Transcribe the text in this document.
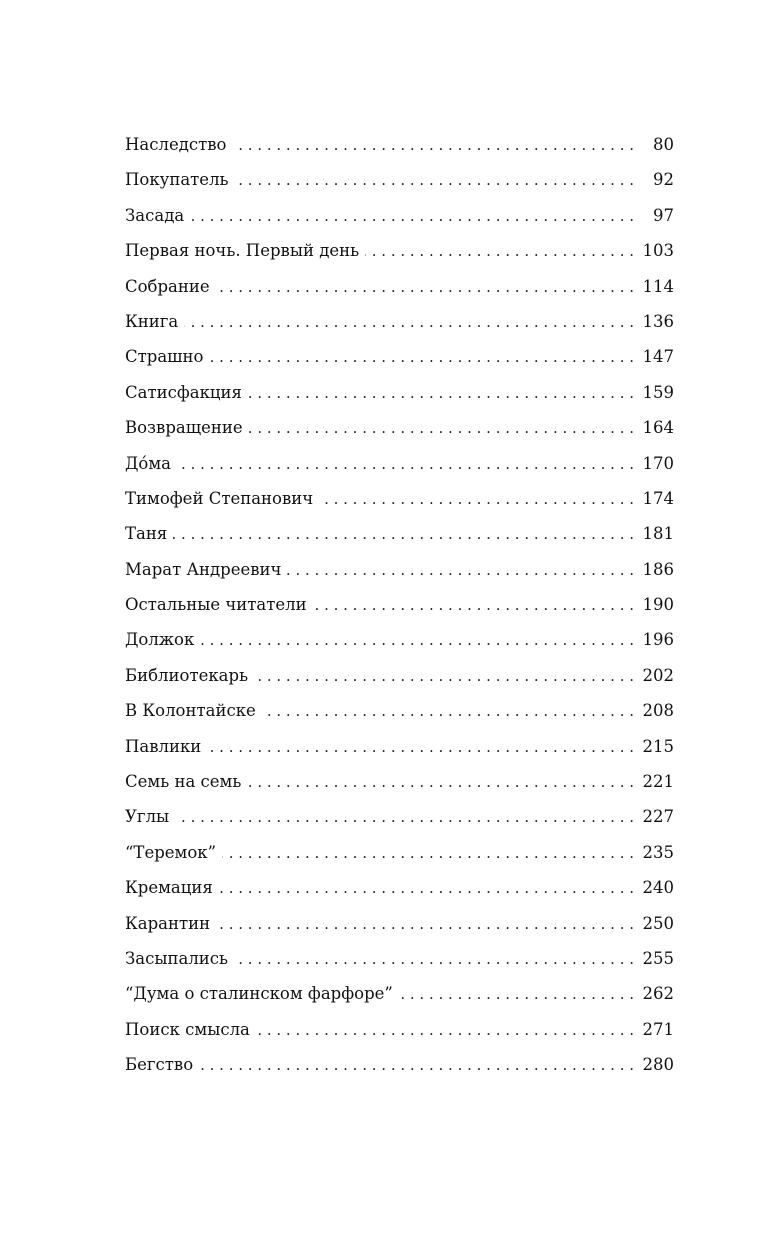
Наследство . . .	80
Покупатель . . .	92
Засада . . .	97
Первая ночь. Первый день . . .	103
Собрание . . .	114
Книга . . .	136
Страшно . . .	147
Сатисфакция . . .	159
Возвращение . . .	164
До́ма . . .	170
Тимофей Степанович . . .	174
Таня . . .	181
Марат Андреевич . . .	186
Остальные читатели . . .	190
Должок . . .	196
Библиотекарь . . .	202
В Колонтайске . . .	208
Павлики . . .	215
Семь на семь . . .	221
Углы . . .	227
“Теремок” . . .	235
Кремация . . .	240
Карантин . . .	250
Засыпались . . .	255
“Дума о сталинском фарфоре” . . .	262
Поиск смысла . . .	271
Бегство . . .	280
